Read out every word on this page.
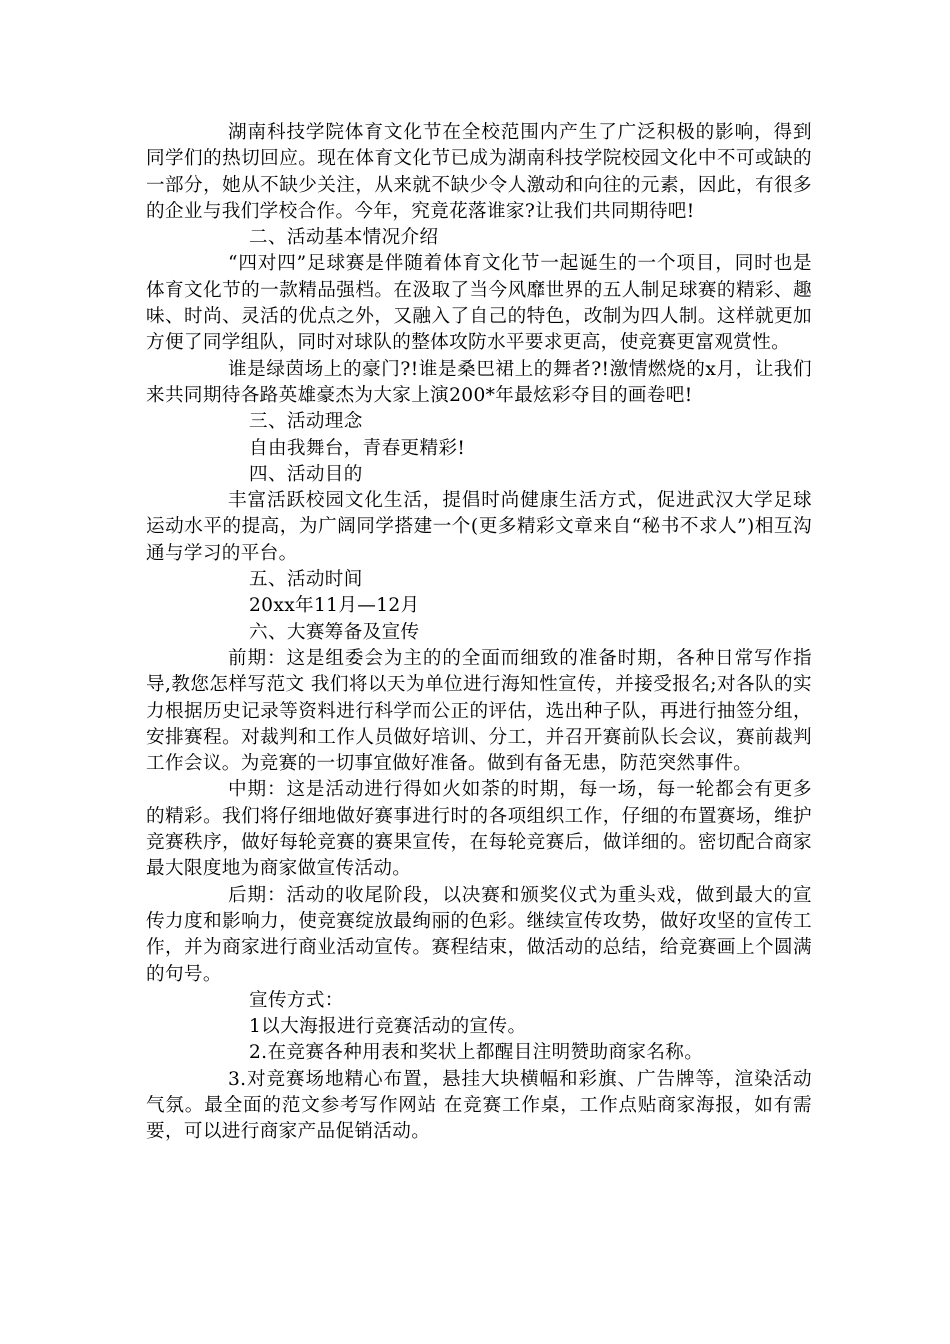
湖南科技学院体育文化节在全校范围内产生了广泛积极的影响，得到同学们的热切回应。现在体育文化节已成为湖南科技学院校园文化中不可或缺的一部分，她从不缺少关注，从来就不缺少令人激动和向往的元素，因此，有很多的企业与我们学校合作。今年，究竟花落谁家?让我们共同期待吧!

二、活动基本情况介绍

“四对四”足球赛是伴随着体育文化节一起诞生的一个项目，同时也是体育文化节的一款精品强档。在汲取了当今风靡世界的五人制足球赛的精彩、趣味、时尚、灵活的优点之外，又融入了自己的特色，改制为四人制。这样就更加方便了同学组队，同时对球队的整体攻防水平要求更高，使竞赛更富观赏性。

谁是绿茵场上的豪门?!谁是桑巴裙上的舞者?!激情燃烧的x月，让我们来共同期待各路英雄豪杰为大家上演200*年最炫彩夺目的画卷吧!

三、活动理念

自由我舞台，青春更精彩!

四、活动目的

丰富活跃校园文化生活，提倡时尚健康生活方式，促进武汉大学足球运动水平的提高，为广阔同学搭建一个(更多精彩文章来自“秘书不求人”)相互沟通与学习的平台。

五、活动时间

20xx年11月—12月

六、大赛筹备及宣传

前期：这是组委会为主的的全面而细致的准备时期，各种日常写作指导,教您怎样写范文 我们将以天为单位进行海知性宣传，并接受报名;对各队的实力根据历史记录等资料进行科学而公正的评估，选出种子队，再进行抽签分组，安排赛程。对裁判和工作人员做好培训、分工，并召开赛前队长会议，赛前裁判工作会议。为竞赛的一切事宜做好准备。做到有备无患，防范突然事件。

中期：这是活动进行得如火如荼的时期，每一场，每一轮都会有更多的精彩。我们将仔细地做好赛事进行时的各项组织工作，仔细的布置赛场，维护竞赛秩序，做好每轮竞赛的赛果宣传，在每轮竞赛后，做详细的。密切配合商家最大限度地为商家做宣传活动。

后期：活动的收尾阶段，以决赛和颁奖仪式为重头戏，做到最大的宣传力度和影响力，使竞赛绽放最绚丽的色彩。继续宣传攻势，做好攻坚的宣传工作，并为商家进行商业活动宣传。赛程结束，做活动的总结，给竞赛画上个圆满的句号。

宣传方式：

1以大海报进行竞赛活动的宣传。

2.在竞赛各种用表和奖状上都醒目注明赞助商家名称。

3.对竞赛场地精心布置，悬挂大块横幅和彩旗、广告牌等，渲染活动气氛。最全面的范文参考写作网站 在竞赛工作桌，工作点贴商家海报，如有需要，可以进行商家产品促销活动。
